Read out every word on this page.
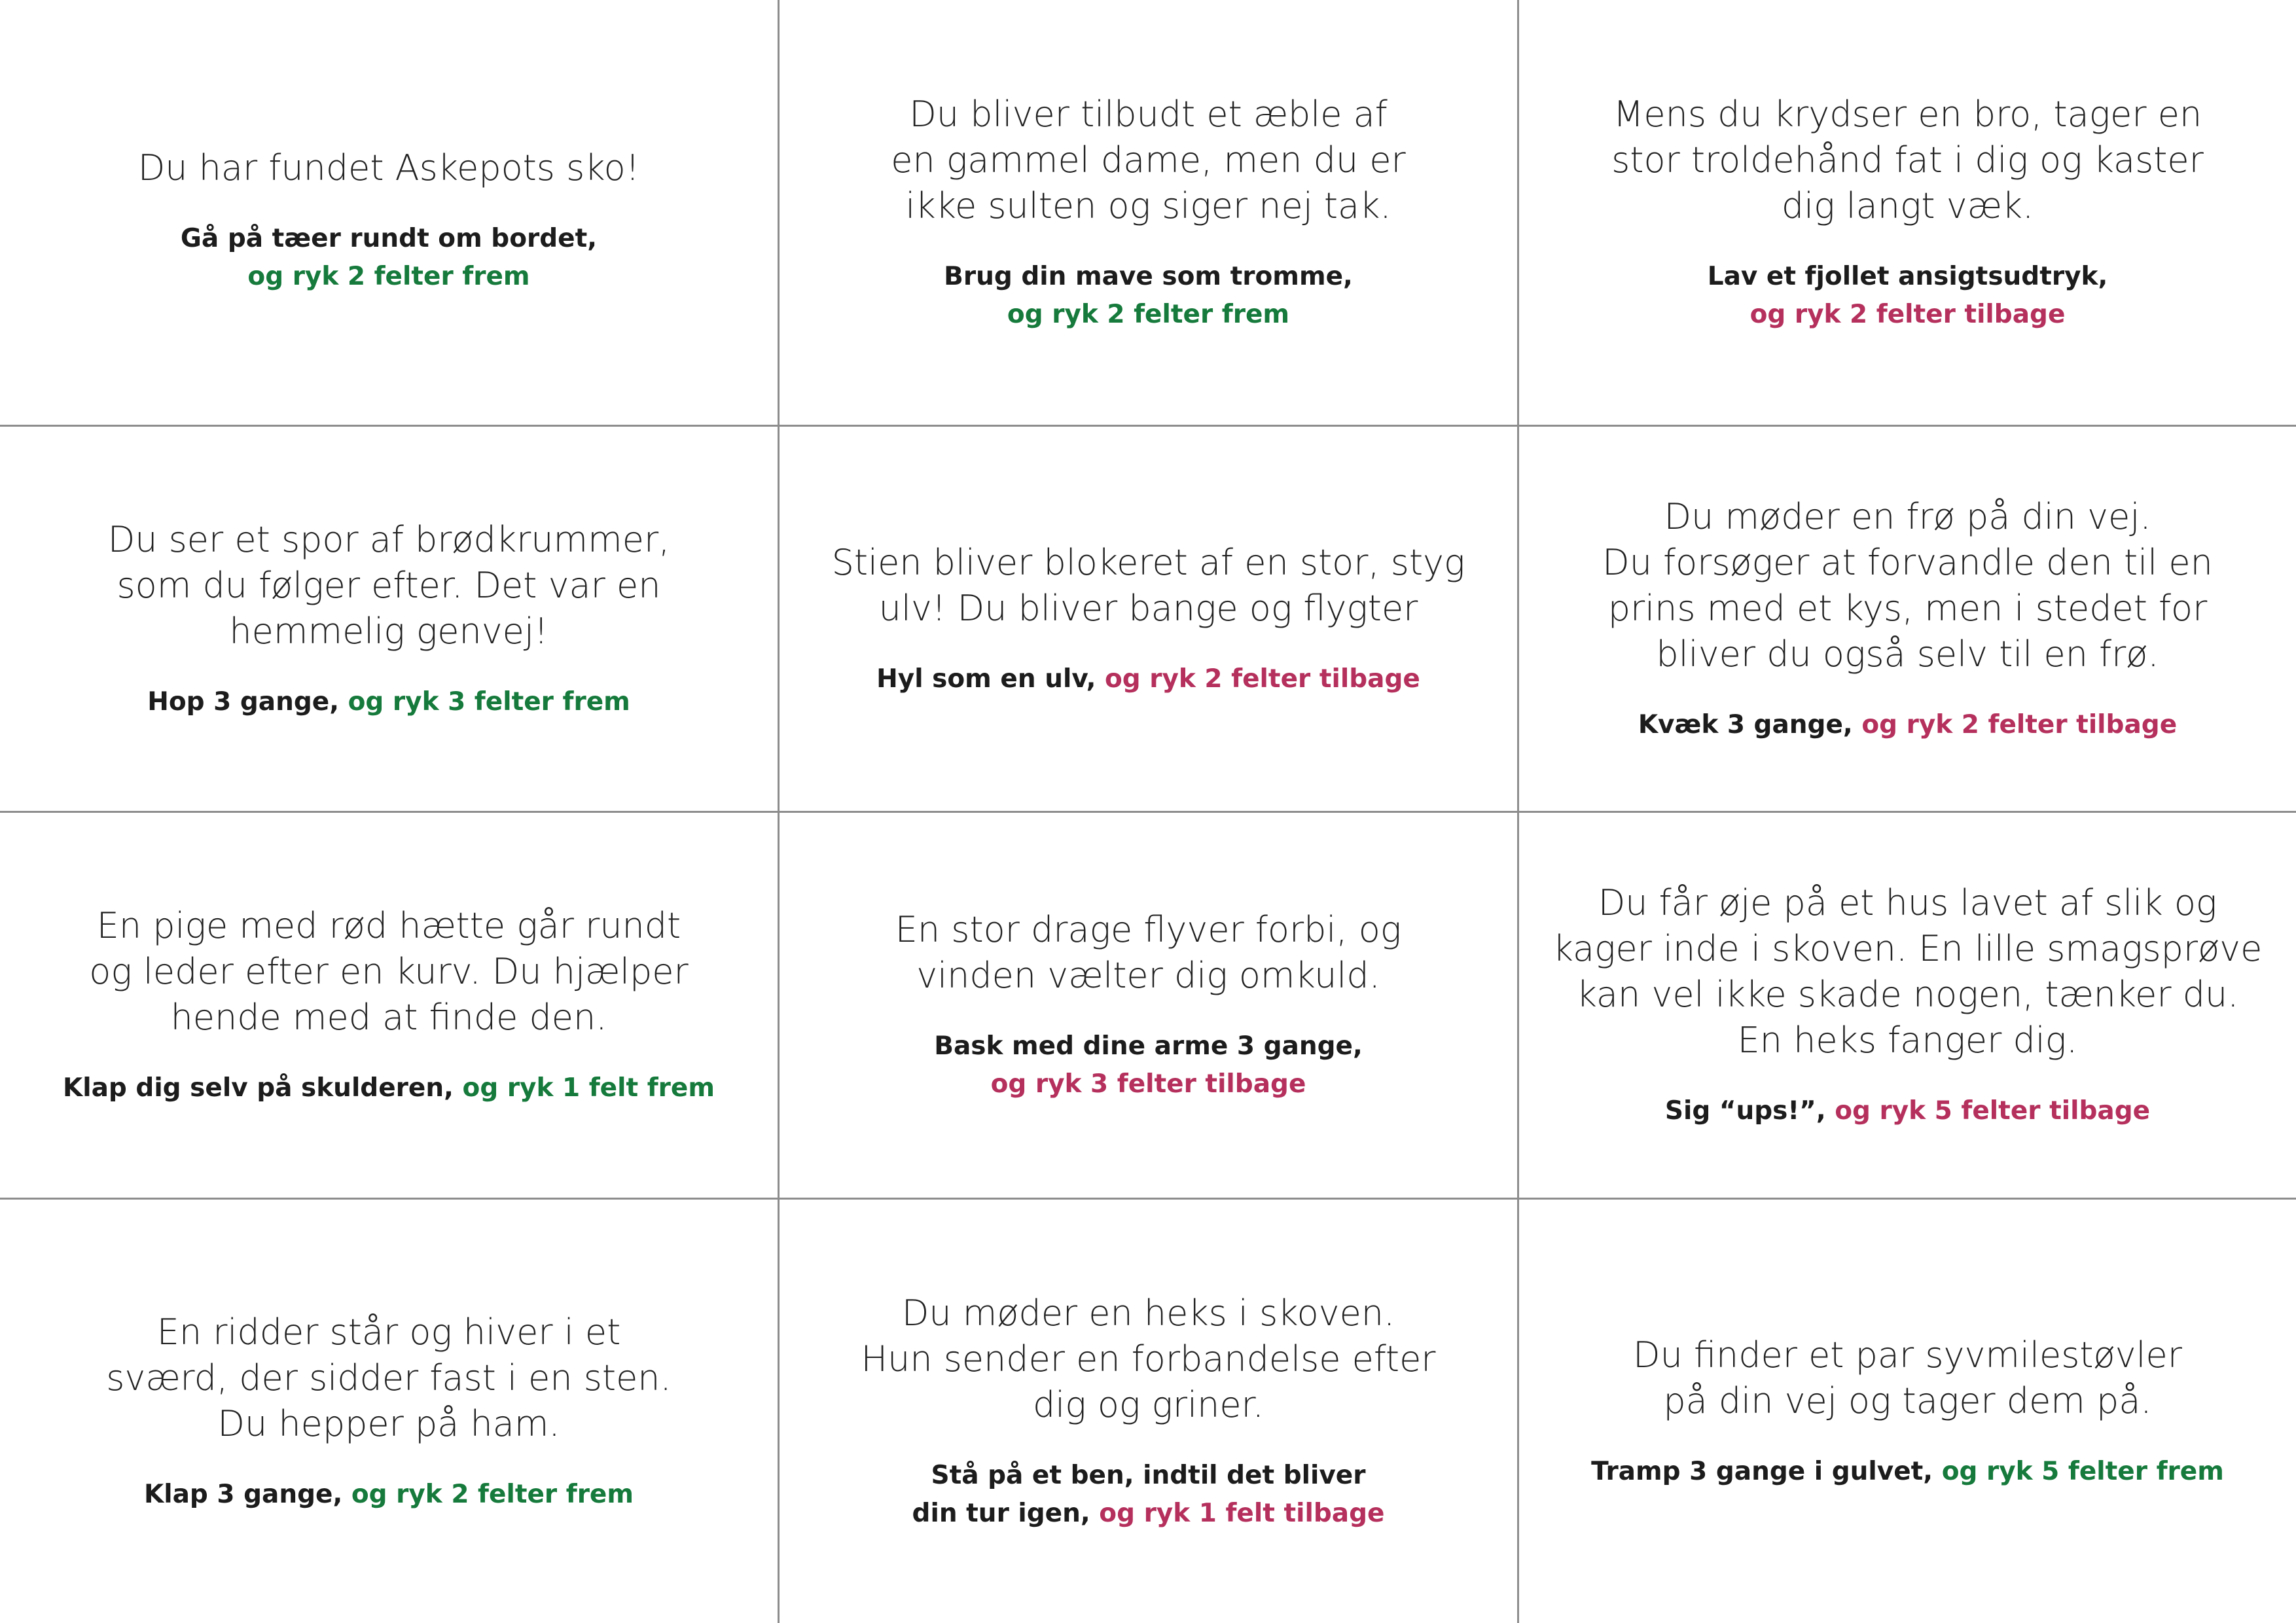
Du har fundet Askepots sko!
Gå på tæer rundt om bordet,
og ryk 2 felter frem
Du bliver tilbudt et æble af
en gammel dame, men du er
ikke sulten og siger nej tak.
Brug din mave som tromme,
og ryk 2 felter frem
Mens du krydser en bro, tager en
stor troldehånd fat i dig og kaster
dig langt væk.
Lav et fjollet ansigtsudtryk,
og ryk 2 felter tilbage
Du ser et spor af brødkrummer,
som du følger efter. Det var en
hemmelig genvej!
Hop 3 gange, og ryk 3 felter frem
Stien bliver blokeret af en stor, styg
ulv! Du bliver bange og flygter
Hyl som en ulv, og ryk 2 felter tilbage
Du møder en frø på din vej.
Du forsøger at forvandle den til en
prins med et kys, men i stedet for
bliver du også selv til en frø.
Kvæk 3 gange, og ryk 2 felter tilbage
En pige med rød hætte går rundt
og leder efter en kurv. Du hjælper
hende med at finde den.
Klap dig selv på skulderen, og ryk 1 felt frem
En stor drage flyver forbi, og
vinden vælter dig omkuld.
Bask med dine arme 3 gange,
og ryk 3 felter tilbage
Du får øje på et hus lavet af slik og
kager inde i skoven. En lille smagsprøve
kan vel ikke skade nogen, tænker du.
En heks fanger dig.
Sig “ups!”, og ryk 5 felter tilbage
En ridder står og hiver i et
sværd, der sidder fast i en sten.
Du hepper på ham.
Klap 3 gange, og ryk 2 felter frem
Du møder en heks i skoven.
Hun sender en forbandelse efter
dig og griner.
Stå på et ben, indtil det bliver
din tur igen, og ryk 1 felt tilbage
Du finder et par syvmilestøvler
på din vej og tager dem på.
Tramp 3 gange i gulvet, og ryk 5 felter frem
